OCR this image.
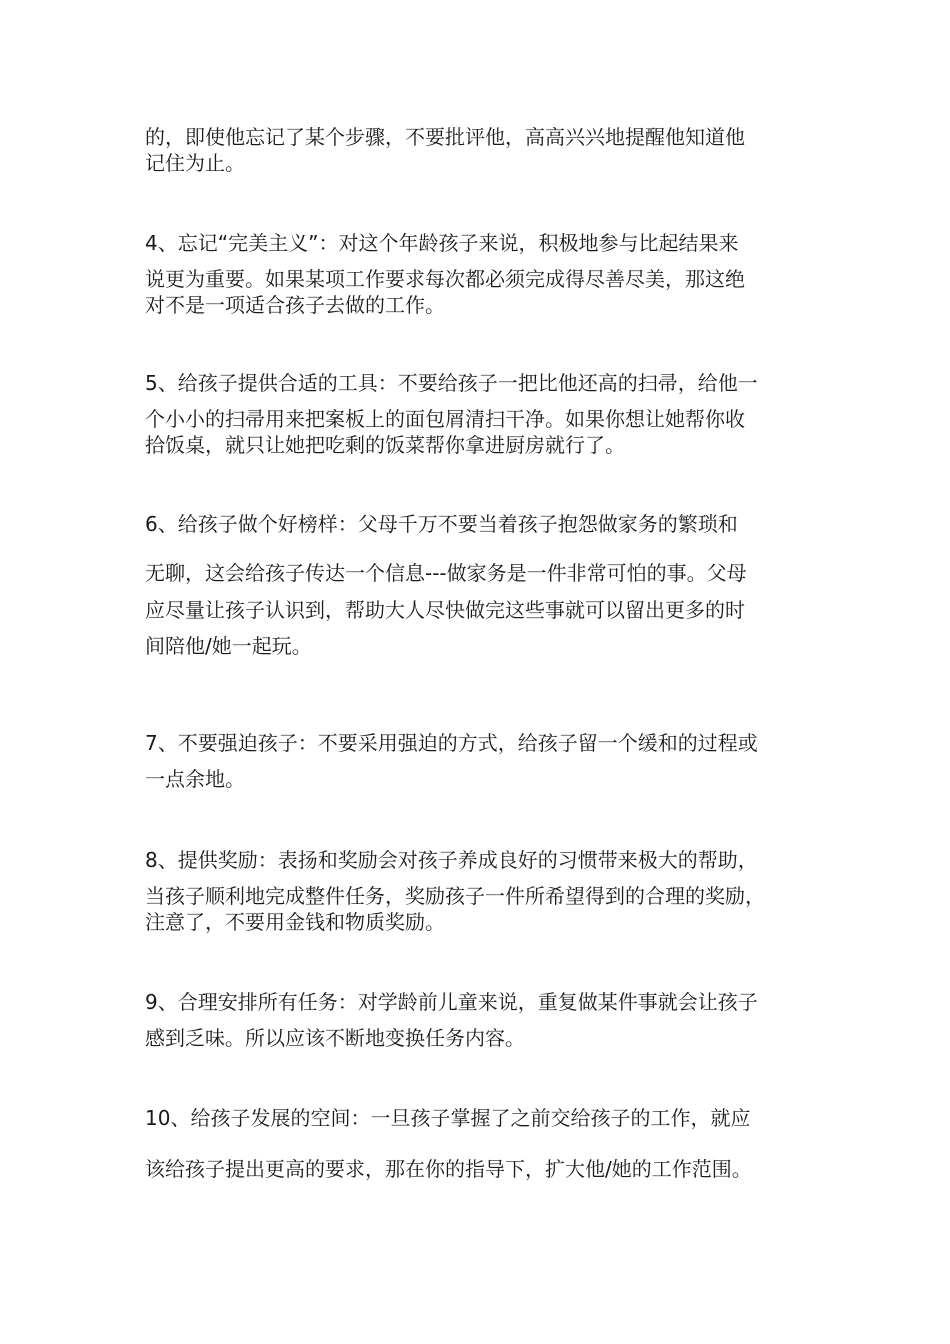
的，即使他忘记了某个步骤，不要批评他，高高兴兴地提醒他知道他
记住为止。
4、忘记“完美主义”：对这个年龄孩子来说，积极地参与比起结果来
说更为重要。如果某项工作要求每次都必须完成得尽善尽美，那这绝
对不是一项适合孩子去做的工作。
5、给孩子提供合适的工具：不要给孩子一把比他还高的扫帚，给他一
个小小的扫帚用来把案板上的面包屑清扫干净。如果你想让她帮你收
拾饭桌，就只让她把吃剩的饭菜帮你拿进厨房就行了。
6、给孩子做个好榜样：父母千万不要当着孩子抱怨做家务的繁琐和
无聊，这会给孩子传达一个信息---做家务是一件非常可怕的事。父母
应尽量让孩子认识到，帮助大人尽快做完这些事就可以留出更多的时
间陪他/她一起玩。
7、不要强迫孩子：不要采用强迫的方式，给孩子留一个缓和的过程或
一点余地。
8、提供奖励：表扬和奖励会对孩子养成良好的习惯带来极大的帮助，
当孩子顺利地完成整件任务，奖励孩子一件所希望得到的合理的奖励，
注意了，不要用金钱和物质奖励。
9、合理安排所有任务：对学龄前儿童来说，重复做某件事就会让孩子
感到乏味。所以应该不断地变换任务内容。
10、给孩子发展的空间：一旦孩子掌握了之前交给孩子的工作，就应
该给孩子提出更高的要求，那在你的指导下，扩大他/她的工作范围。
